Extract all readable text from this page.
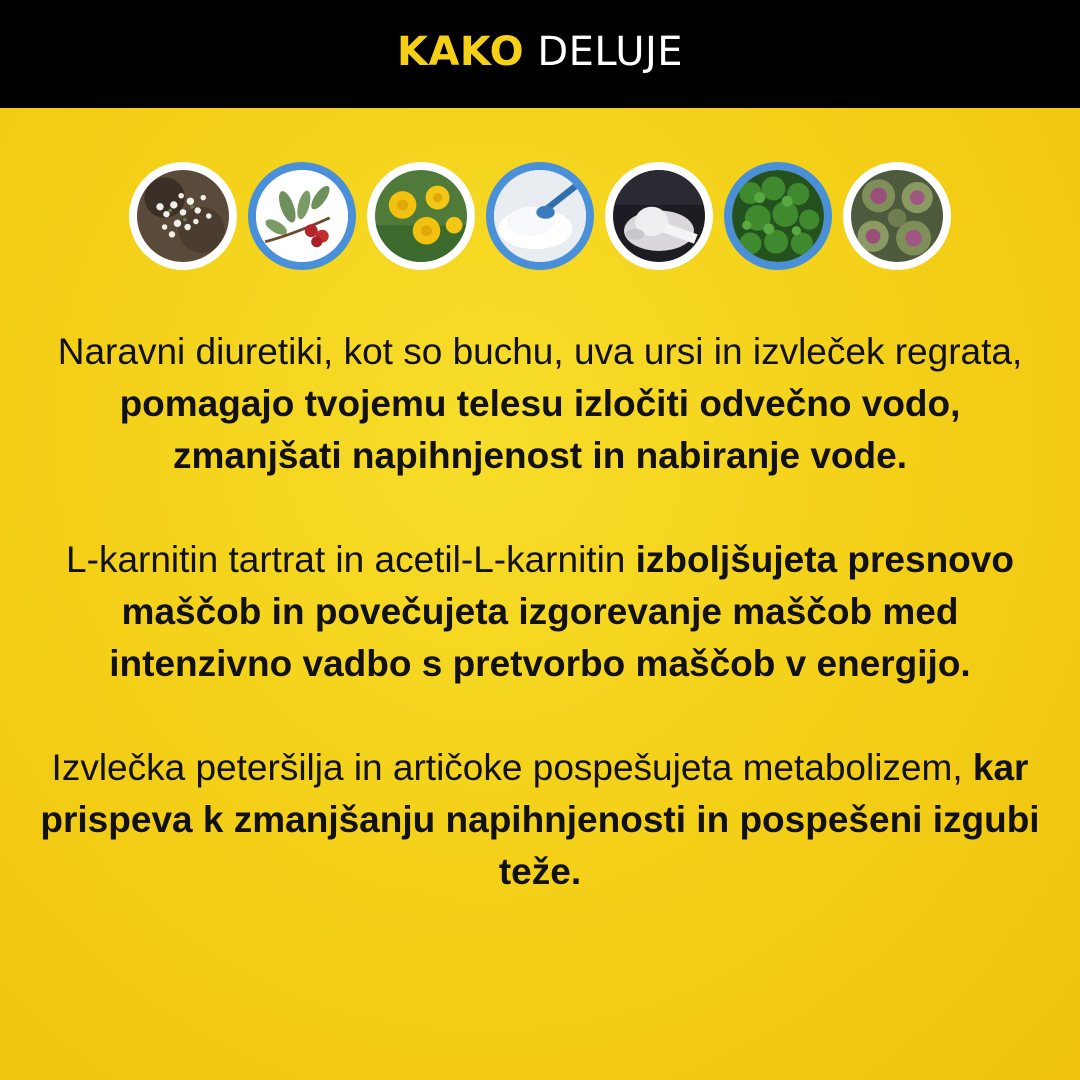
KAKO DELUJE

Naravni diuretiki, kot so buchu, uva ursi in izvleček regrata, pomagajo tvojemu telesu izločiti odvečno vodo, zmanjšati napihnjenost in nabiranje vode.

L-karnitin tartrat in acetil-L-karnitin izboljšujeta presnovo maščob in povečujeta izgorevanje maščob med intenzivno vadbo s pretvorbo maščob v energijo.

Izvlečka peteršilja in artičoke pospešujeta metabolizem, kar prispeva k zmanjšanju napihnjenosti in pospešeni izgubi teže.
